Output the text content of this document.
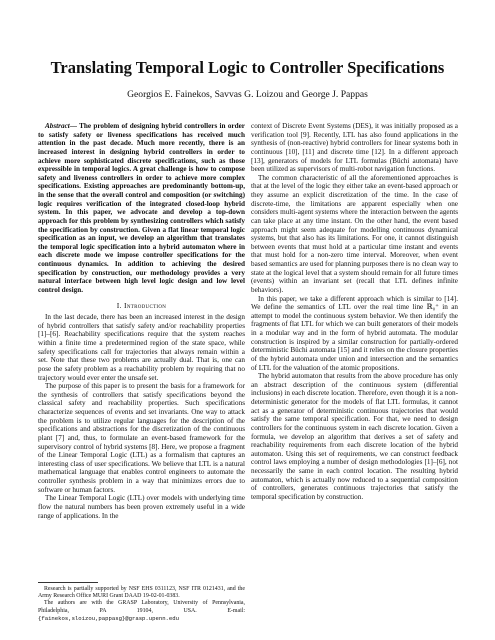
Translating Temporal Logic to Controller Specifications
Georgios E. Fainekos, Savvas G. Loizou and George J. Pappas

Abstract— The problem of designing hybrid controllers in order to satisfy safety or liveness specifications has received much attention in the past decade. Much more recently, there is an increased interest in designing hybrid controllers in order to achieve more sophisticated discrete specifications, such as those expressible in temporal logics. A great challenge is how to compose safety and liveness controllers in order to achieve more complex specifications. Existing approaches are predominantly bottom-up, in the sense that the overall control and composition (or switching) logic requires verification of the integrated closed-loop hybrid system. In this paper, we advocate and develop a top-down approach for this problem by synthesizing controllers which satisfy the specification by construction. Given a flat linear temporal logic specification as an input, we develop an algorithm that translates the temporal logic specification into a hybrid automaton where in each discrete mode we impose controller specifications for the continuous dynamics. In addition to achieving the desired specification by construction, our methodology provides a very natural interface between high level logic design and low level control design.

I. Introduction

In the last decade, there has been an increased interest in the design of hybrid controllers that satisfy safety and/or reachability properties [1]–[6]. Reachability specifications require that the system reaches within a finite time a predetermined region of the state space, while safety specifications call for trajectories that always remain within a set. Note that these two problems are actually dual. That is, one can pose the safety problem as a reachability problem by requiring that no trajectory would ever enter the unsafe set.

The purpose of this paper is to present the basis for a framework for the synthesis of controllers that satisfy specifications beyond the classical safety and reachability properties. Such specifications characterize sequences of events and set invariants. One way to attack the problem is to utilize regular languages for the description of the specifications and abstractions for the discretization of the continuous plant [7] and, thus, to formulate an event-based framework for the supervisory control of hybrid systems [8]. Here, we propose a fragment of the Linear Temporal Logic (LTL) as a formalism that captures an interesting class of user specifications. We believe that LTL is a natural mathematical language that enables control engineers to automate the controller synthesis problem in a way that minimizes errors due to software or human factors.

The Linear Temporal Logic (LTL) over models with underlying time flow the natural numbers has been proven extremely useful in a wide range of applications. In the

Research is partially supported by NSF EHS 0311123, NSF ITR 0121431, and the Army Research Office MURI Grant DAAD 19-02-01-0383.

The authors are with the GRASP Laboratory, University of Pennsylvania, Philadelphia, PA 19104, USA. E-mail: {fainekos,sloizou,pappasg}@grasp.upenn.edu

context of Discrete Event Systems (DES), it was initially proposed as a verification tool [9]. Recently, LTL has also found applications in the synthesis of (non-reactive) hybrid controllers for linear systems both in continuous [10], [11] and discrete time [12]. In a different approach [13], generators of models for LTL formulas (Büchi automata) have been utilized as supervisors of multi-robot navigation functions.

The common characteristic of all the aforementioned approaches is that at the level of the logic they either take an event-based approach or they assume an explicit discretization of the time. In the case of discrete-time, the limitations are apparent especially when one considers multi-agent systems where the interaction between the agents can take place at any time instant. On the other hand, the event based approach might seem adequate for modelling continuous dynamical systems, but that also has its limitations. For one, it cannot distinguish between events that must hold at a particular time instant and events that must hold for a non-zero time interval. Moreover, when event based semantics are used for planning purposes there is no clean way to state at the logical level that a system should remain for all future times (events) within an invariant set (recall that LTL defines infinite behaviors).

In this paper, we take a different approach which is similar to [14]. We define the semantics of LTL over the real time line ℝ₀⁺ in an attempt to model the continuous system behavior. We then identify the fragments of flat LTL for which we can built generators of their models in a modular way and in the form of hybrid automata. The modular construction is inspired by a similar construction for partially-ordered deterministic Büchi automata [15] and it relies on the closure properties of the hybrid automata under union and intersection and the semantics of LTL for the valuation of the atomic propositions.

The hybrid automaton that results from the above procedure has only an abstract description of the continuous system (differential inclusions) in each discrete location. Therefore, even though it is a non-deterministic generator for the models of flat LTL formulas, it cannot act as a generator of deterministic continuous trajectories that would satisfy the same temporal specification. For that, we need to design controllers for the continuous system in each discrete location. Given a formula, we develop an algorithm that derives a set of safety and reachability requirements from each discrete location of the hybrid automaton. Using this set of requirements, we can construct feedback control laws employing a number of design methodologies [1]–[6], not necessarily the same in each control location. The resulting hybrid automaton, which is actually now reduced to a sequential composition of controllers, generates continuous trajectories that satisfy the temporal specification by construction.
